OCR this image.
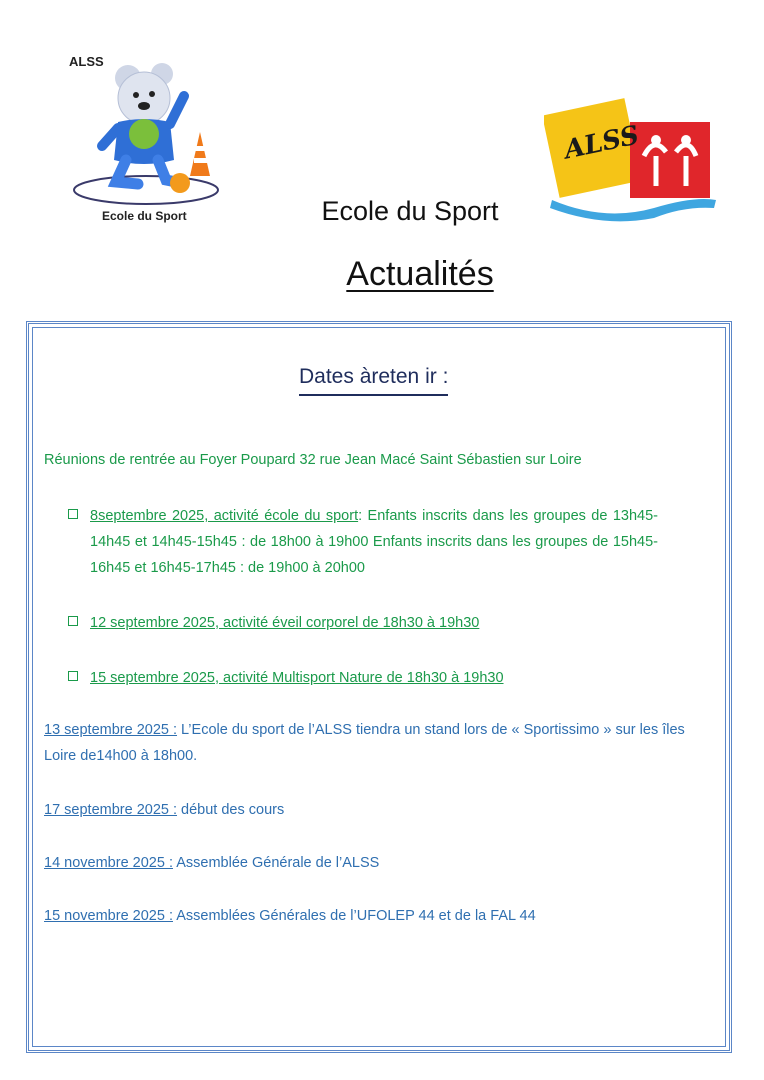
ALSS
Ecole du Sport
ALSS
Ecole du Sport
Actualités
Dates àreten ir :
Réunions de rentrée au Foyer Poupard 32 rue Jean Macé Saint Sébastien sur Loire
8septembre 2025, activité école du sport: Enfants inscrits dans les groupes de 13h45-14h45 et 14h45-15h45 : de 18h00 à 19h00 Enfants inscrits dans les groupes de 15h45-16h45 et 16h45-17h45 : de 19h00 à 20h00
12 septembre 2025, activité éveil corporel de 18h30 à 19h30
15 septembre 2025, activité Multisport Nature de 18h30 à 19h30
13 septembre 2025 : L’Ecole du sport de l’ALSS tiendra un stand lors de « Sportissimo » sur les îles Loire de14h00 à 18h00.
17 septembre 2025 : début des cours
14 novembre 2025 : Assemblée Générale de l’ALSS
15 novembre 2025 : Assemblées Générales de l’UFOLEP 44 et de la FAL 44
